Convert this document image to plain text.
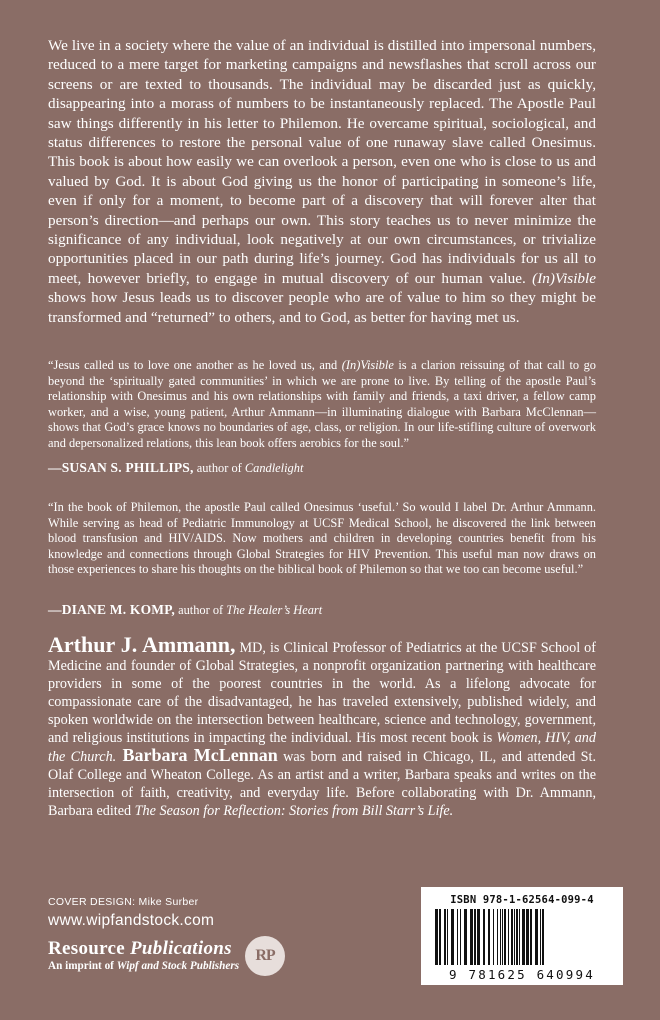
We live in a society where the value of an individual is distilled into impersonal numbers, reduced to a mere target for marketing campaigns and newsflashes that scroll across our screens or are texted to thousands. The individual may be discarded just as quickly, disappearing into a morass of numbers to be instantaneously replaced. The Apostle Paul saw things differently in his letter to Philemon. He overcame spiritual, sociological, and status differences to restore the personal value of one runaway slave called Onesimus. This book is about how easily we can overlook a person, even one who is close to us and valued by God. It is about God giving us the honor of participating in someone’s life, even if only for a moment, to become part of a discovery that will forever alter that person’s direction—and perhaps our own. This story teaches us to never minimize the significance of any individual, look negatively at our own circumstances, or trivialize opportunities placed in our path during life’s journey. God has individuals for us all to meet, however briefly, to engage in mutual discovery of our human value. (In)Visible shows how Jesus leads us to discover people who are of value to him so they might be transformed and “returned” to others, and to God, as better for having met us.

“Jesus called us to love one another as he loved us, and (In)Visible is a clarion reissuing of that call to go beyond the ‘spiritually gated communities’ in which we are prone to live. By telling of the apostle Paul’s relationship with Onesimus and his own relationships with family and friends, a taxi driver, a fellow camp worker, and a wise, young patient, Arthur Ammann—in illuminating dialogue with Barbara McClennan—shows that God’s grace knows no boundaries of age, class, or religion. In our life-stifling culture of overwork and depersonalized relations, this lean book offers aerobics for the soul.”

—SUSAN S. PHILLIPS, author of Candlelight

“In the book of Philemon, the apostle Paul called Onesimus ‘useful.’ So would I label Dr. Arthur Ammann. While serving as head of Pediatric Immunology at UCSF Medical School, he discovered the link between blood transfusion and HIV/AIDS. Now mothers and children in developing countries benefit from his knowledge and connections through Global Strategies for HIV Prevention. This useful man now draws on those experiences to share his thoughts on the biblical book of Philemon so that we too can become useful.”

—DIANE M. KOMP, author of The Healer’s Heart

Arthur J. Ammann, MD, is Clinical Professor of Pediatrics at the UCSF School of Medicine and founder of Global Strategies, a nonprofit organization partnering with healthcare providers in some of the poorest countries in the world. As a lifelong advocate for compassionate care of the disadvantaged, he has traveled extensively, published widely, and spoken worldwide on the intersection between healthcare, science and technology, government, and religious institutions in impacting the individual. His most recent book is Women, HIV, and the Church. Barbara McLennan was born and raised in Chicago, IL, and attended St. Olaf College and Wheaton College. As an artist and a writer, Barbara speaks and writes on the intersection of faith, creativity, and everyday life. Before collaborating with Dr. Ammann, Barbara edited The Season for Reflection: Stories from Bill Starr’s Life.

COVER DESIGN: Mike Surber

www.wipfandstock.com

Resource Publications
An imprint of Wipf and Stock Publishers
RP
ISBN 978-1-62564-099-4
9 781625 640994
